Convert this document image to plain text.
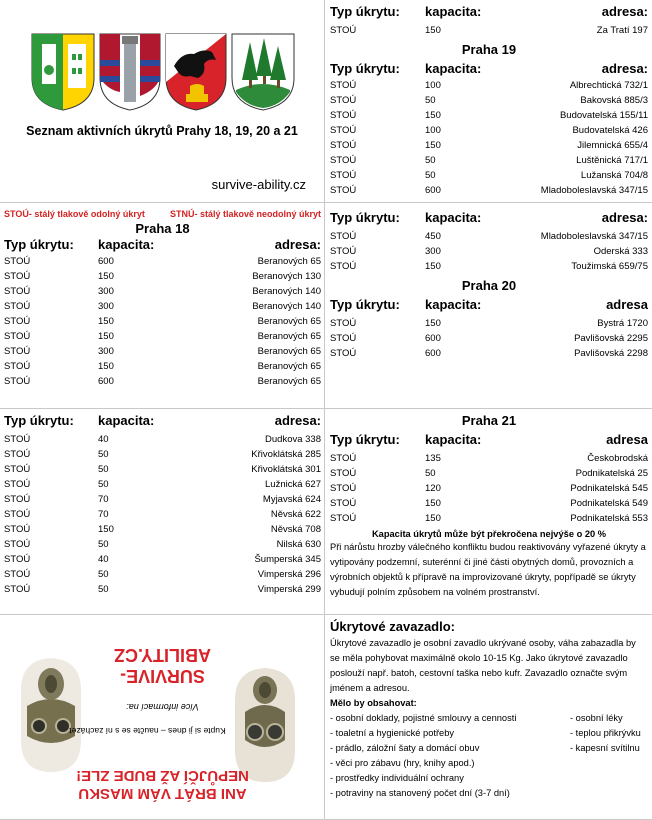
Seznam aktivních úkrytů Prahy 18, 19, 20 a 21
survive-ability.cz
STOÚ- stálý tlakově odolný úkryt	STNÚ- stálý tlakově neodolný úkryt
Praha 18
Typ úkrytu:	kapacita:	adresa:
STOÚ	600	Beranových 65
STOÚ	150	Beranových 130
STOÚ	300	Beranových 140
STOÚ	300	Beranových 140
STOÚ	150	Beranových 65
STOÚ	150	Beranových 65
STOÚ	300	Beranových 65
STOÚ	150	Beranových 65
STOÚ	600	Beranových 65
Typ úkrytu:	kapacita:	adresa:
STOÚ	40	Dudkova 338
STOÚ	50	Křivoklátská 285
STOÚ	50	Křivoklátská 301
STOÚ	50	Lužnická 627
STOÚ	70	Myjavská 624
STOÚ	70	Něvská 622
STOÚ	150	Něvská 708
STOÚ	50	Nilská 630
STOÚ	40	Šumperská 345
STOÚ	50	Vimperská 296
STOÚ	50	Vimperská 299
Typ úkrytu:	kapacita:	adresa:
STOÚ	150	Za Tratí 197
Praha 19
Typ úkrytu:	kapacita:	adresa:
STOÚ	100	Albrechtická 732/1
STOÚ	50	Bakovská 885/3
STOÚ	150	Budovatelská 155/11
STOÚ	100	Budovatelská 426
STOÚ	150	Jilemnická 655/4
STOÚ	50	Luštěnická 717/1
STOÚ	50	Lužanská 704/8
STOÚ	600	Mladoboleslavská 347/15
Typ úkrytu:	kapacita:	adresa:
STOÚ	450	Mladoboleslavská 347/15
STOÚ	300	Oderská 333
STOÚ	150	Toužimská 659/75
Praha 20
Typ úkrytu:	kapacita:	adresa
STOÚ	150	Bystrá 1720
STOÚ	600	Pavlišovská 2295
STOÚ	600	Pavlišovská 2298
Praha 21
Typ úkrytu:	kapacita:	adresa
STOÚ	135	Českobrodská
STOÚ	50	Podnikatelská 25
STOÚ	120	Podnikatelská 545
STOÚ	150	Podnikatelská 549
STOÚ	150	Podnikatelská 553
Kapacita úkrytů může být překročena nejvýše o 20 %
Při nárůstu hrozby válečného konfliktu budou reaktivovány vyřazené úkryty a vytipovány podzemní, suterénní či jiné části obytných domů, provozních a výrobních objektů k přípravě na improvizované úkryty, popřípadě se úkryty vybudují polním způsobem na volném prostranství.
ANI BRÁT VÁM MASKU NEPŮJČÍ AŽ BUDE ZLE!
Kupte si ji dnes – naučte se s ní zacházet
Více informací na:
SURVIVE-ABILITY.CZ
Úkrytové zavazadlo:
Úkrytové zavazadlo je osobní zavadlo ukrývané osoby, váha zabazadla by se měla pohybovat maximálně okolo 10-15 Kg. Jako úkrytové zavazadlo poslouží např. batoh, cestovní taška nebo kufr. Zavazadlo označte svým jménem a adresou.
Mělo by obsahovat:
- osobní doklady, pojistné smlouvy a cennosti
- toaletní a hygienické potřeby
- prádlo, záložní šaty a domácí obuv
- věci pro zábavu (hry, knihy apod.)
- prostředky individuální ochrany
- potraviny na stanovený počet dní (3-7 dní)
- osobní léky
- teplou přikrývku
- kapesní svítilnu
